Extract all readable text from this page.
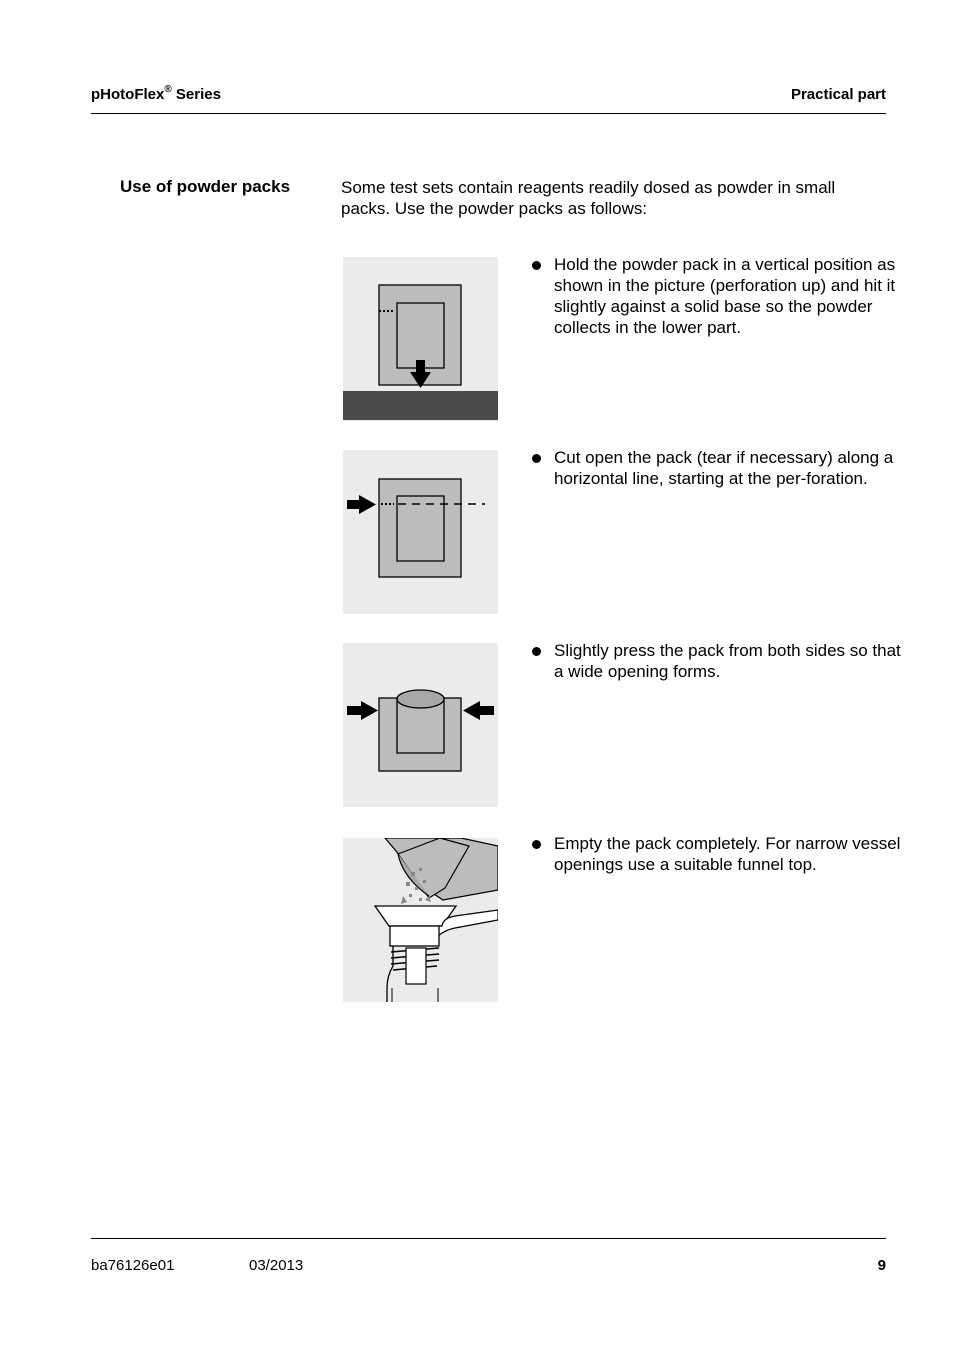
pHotoFlex® Series	Practical part
Use of powder packs	Some test sets contain reagents readily dosed as powder in small packs. Use the powder packs as follows:
Hold the powder pack in a vertical position as shown in the picture (perforation up) and hit it slightly against a solid base so the powder collects in the lower part.
Cut open the pack (tear if necessary) along a horizontal line, starting at the per-foration.
Slightly press the pack from both sides so that a wide opening forms.
Empty the pack completely. For narrow vessel openings use a suitable funnel top.
ba76126e01	03/2013	9
